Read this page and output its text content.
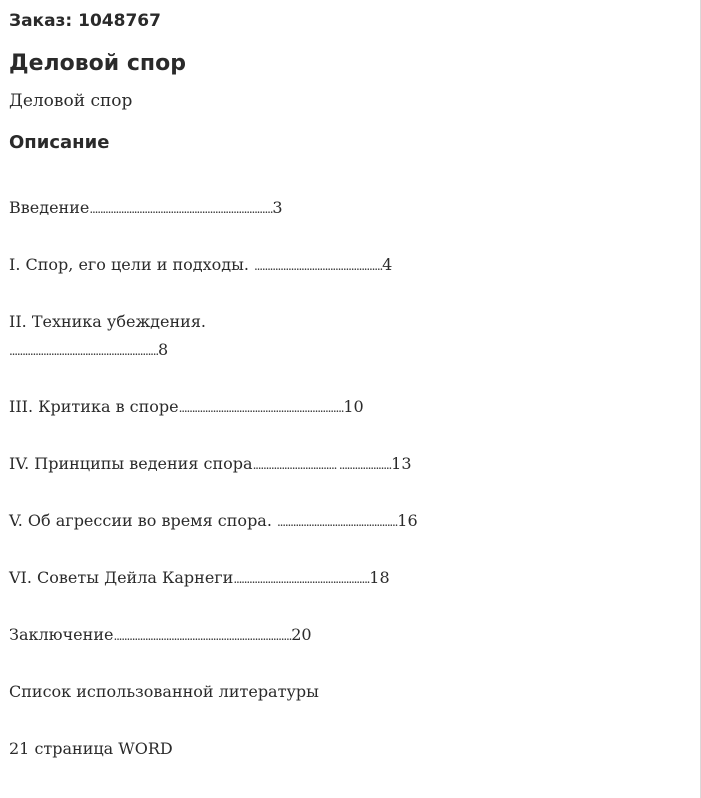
Заказ: 1048767
Деловой спор
Деловой спор
Описание
Введение......................................................................3
I. Спор, его цели и подходы. .................................................4
II. Техника убеждения.
.........................................................8
III. Критика в споре...............................................................10
IV. Принципы ведения спора................................ ....................13
V. Об агрессии во время спора. ..............................................16
VI. Советы Дейла Карнеги....................................................18
Заключение....................................................................20
Список использованной литературы
21 страница WORD
